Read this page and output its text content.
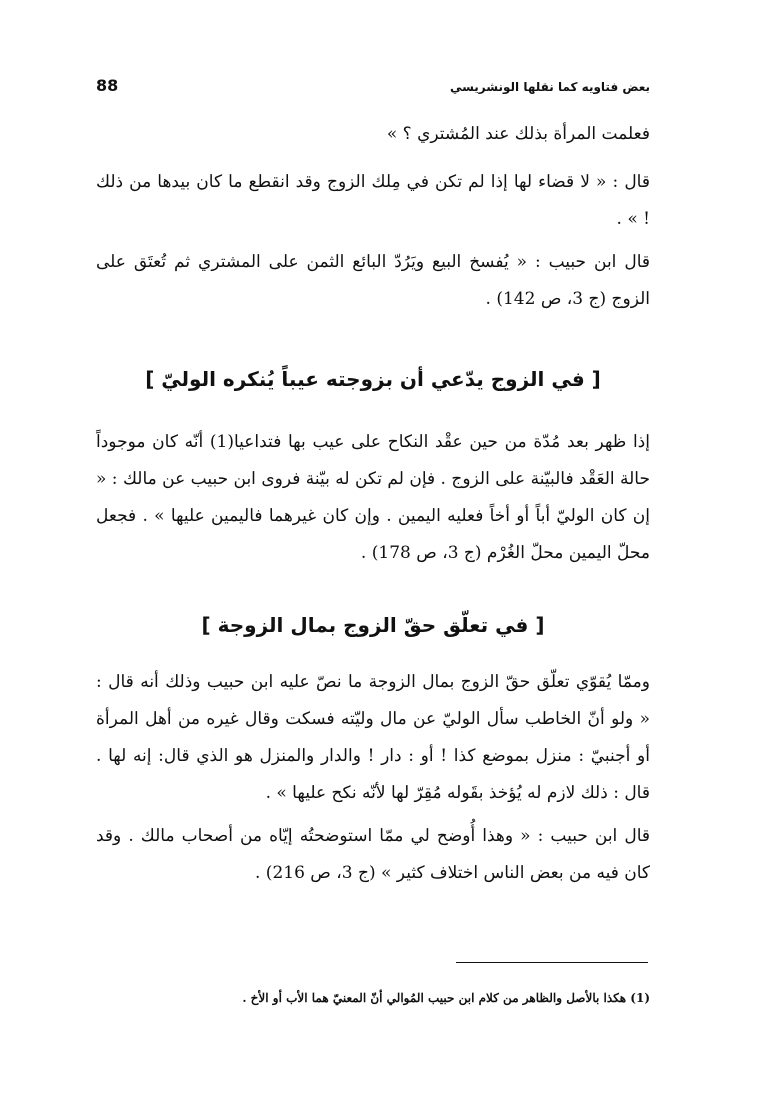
بعض فتاويه كما نقلها الونشريسي
88

فعلمت المرأة بذلك عند المُشتري ؟ »

قال : « لا قضاء لها إذا لم تكن في مِلك الزوج وقد انقطع ما كان بيدها من ذلك ! » .

قال ابن حبيب : « يُفسخ البيع ويَرُدّ البائع الثمن على المشتري ثم تُعتَق على الزوج (ج 3، ص 142) .

[ في الزوج يدّعي أن بزوجته عيباً يُنكره الوليّ ]

إذا ظهر بعد مُدّة من حين عقْد النكاح على عيب بها فتداعيا(1) أنّه كان موجوداً حالة العَقْد فالبيّنة على الزوج . فإن لم تكن له بيّنة فروى ابن حبيب عن مالك : « إن كان الوليّ أباً أو أخاً فعليه اليمين . وإن كان غيرهما فاليمين عليها » . فجعل محلّ اليمين محلّ الغُرْم (ج 3، ص 178) .

[ في تعلّق حقّ الزوج بمال الزوجة ]

وممّا يُقوّي تعلّق حقّ الزوج بمال الزوجة ما نصّ عليه ابن حبيب وذلك أنه قال : « ولو أنّ الخاطب سأل الوليّ عن مال وليّته فسكت وقال غيره من أهل المرأة أو أجنبيّ : منزل بموضع كذا ! أو : دار ! والدار والمنزل هو الذي قال: إنه لها . قال : ذلك لازم له يُؤخذ بقَوله مُقِرّ لها لأنّه نكح عليها » .

قال ابن حبيب : « وهذا أُوضح لي ممّا استوضحتُه إيّاه من أصحاب مالك . وقد كان فيه من بعض الناس اختلاف كثير » (ج 3، ص 216) .

(1) هكذا بالأصل والظاهر من كلام ابن حبيب المُوالي أنّ المعنيّ هما الأب أو الأخ .
